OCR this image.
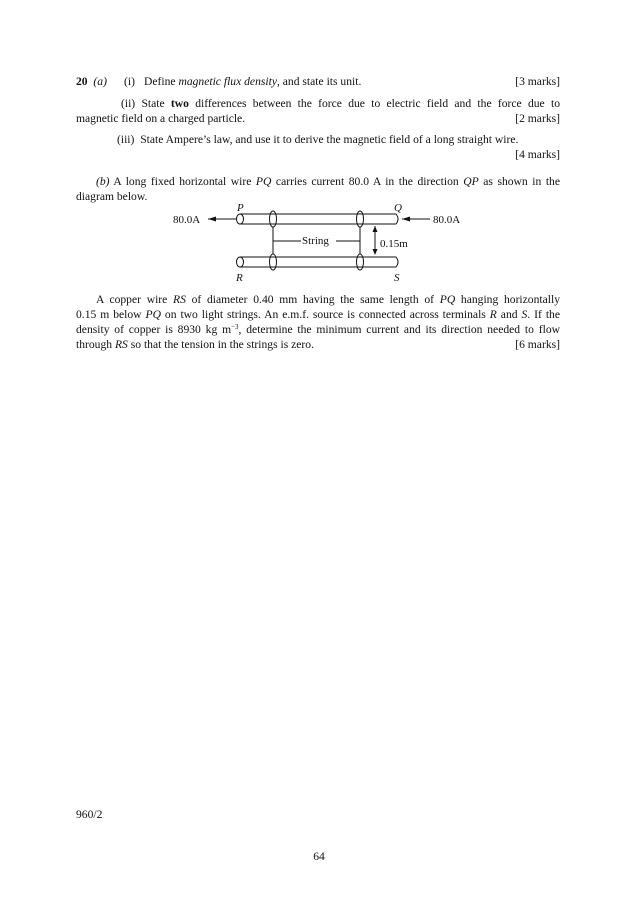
20 (a) (i) Define magnetic flux density, and state its unit.	[3 marks]
(ii) State two differences between the force due to electric field and the force due to
magnetic field on a charged particle.	[2 marks]
(iii) State Ampere’s law, and use it to derive the magnetic field of a long straight wire.
[4 marks]
(b) A long fixed horizontal wire PQ carries current 80.0 A in the direction QP as shown in the
diagram below.
80.0A	80.0A
P	Q
R	S
String	0.15m
A copper wire RS of diameter 0.40 mm having the same length of PQ hanging horizontally
0.15 m below PQ on two light strings. An e.m.f. source is connected across terminals R and S. If the
density of copper is 8930 kg $m^{-3}$, determine the minimum current and its direction needed to flow
through RS so that the tension in the strings is zero.	[6 marks]
960/2
64
